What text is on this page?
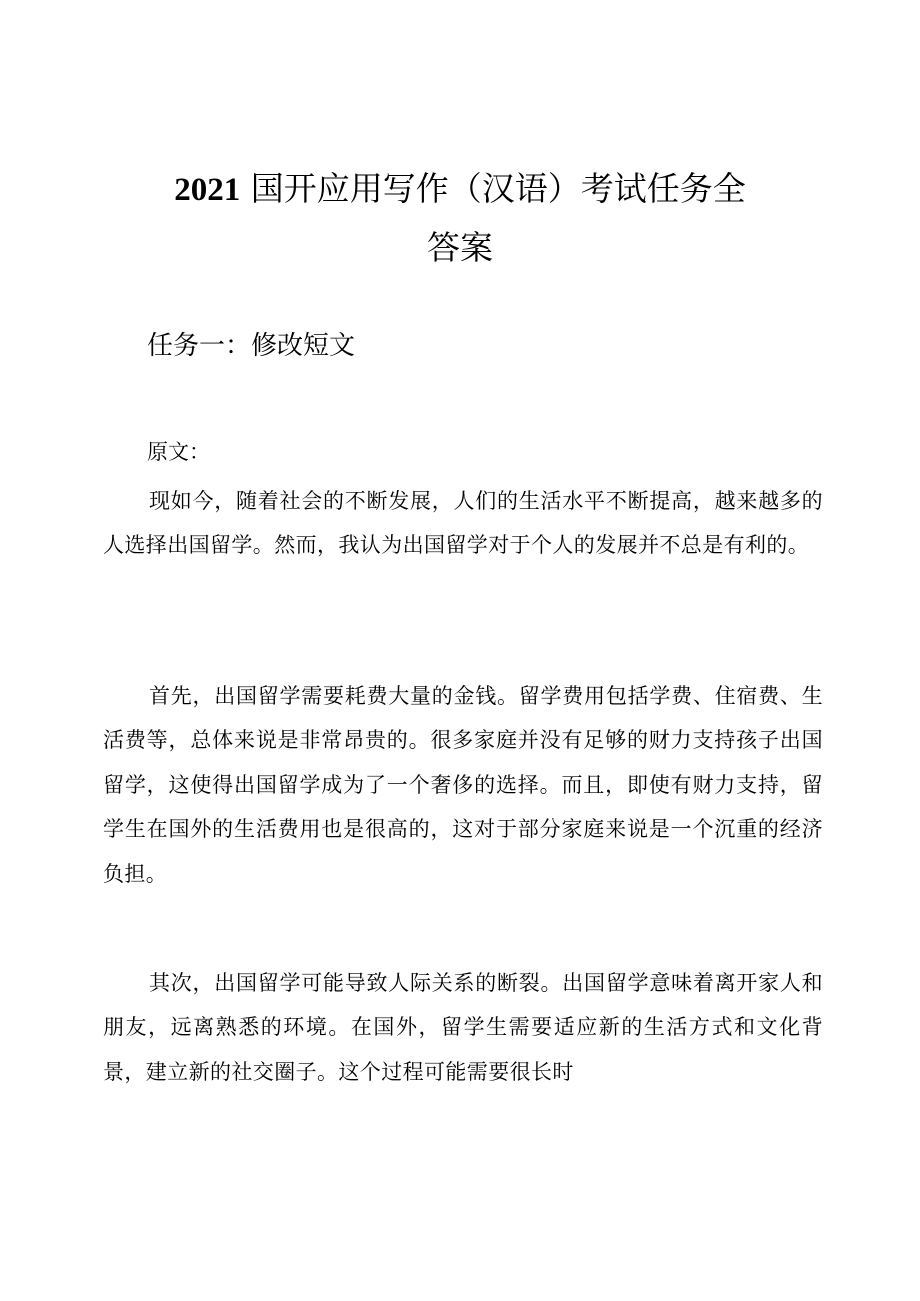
2021 国开应用写作（汉语）考试任务全
答案
任务一：修改短文

原文：

现如今，随着社会的不断发展，人们的生活水平不断提高，越来越多的人选择出国留学。然而，我认为出国留学对于个人的发展并不总是有利的。

首先，出国留学需要耗费大量的金钱。留学费用包括学费、住宿费、生活费等，总体来说是非常昂贵的。很多家庭并没有足够的财力支持孩子出国留学，这使得出国留学成为了一个奢侈的选择。而且，即使有财力支持，留学生在国外的生活费用也是很高的，这对于部分家庭来说是一个沉重的经济负担。

其次，出国留学可能导致人际关系的断裂。出国留学意味着离开家人和朋友，远离熟悉的环境。在国外，留学生需要适应新的生活方式和文化背景，建立新的社交圈子。这个过程可能需要很长时
